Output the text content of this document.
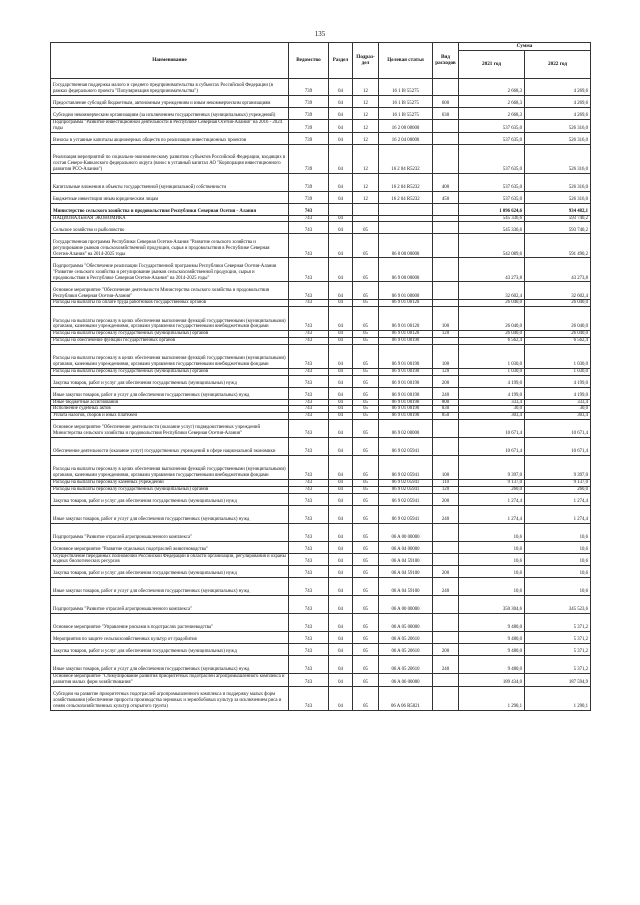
135
Наименование	Ведомство	Раздел	Подраз-дел	Целевая статья	Вид расходов	Сумма	
						2021 год	2022 год
Государственная поддержка малого и среднего предпринимательства в субъектах Российской Федерации (в рамках федерального проекта "Популяризация предпринимательства")	739	04	12	16 1 I8 55275		2 668,3	4 269,6
Предоставление субсидий бюджетным, автономным учреждениям и иным некоммерческим организациям	739	04	12	16 1 I8 55275	600	2 668,3	4 269,6
Субсидии некоммерческим организациям (за исключением государственных (муниципальных) учреждений)	739	04	12	16 1 I8 55275	630	2 668,3	4 269,6
Подпрограмма "Развитие инвестиционной деятельности в Республике Северная Осетия-Алания" на 2016 - 2024 годы	739	04	12	16 2 00 00000		537 635,0	526 316,0
Взносы в уставные капиталы акционерных обществ по реализации инвестиционных проектов	739	04	12	16 2 04 00000		537 635,0	526 316,0
Реализация мероприятий по социально-экономическому развитию субъектов Российской Федерации, входящих в состав Северо-Кавказского федерального округа (взнос в уставный капитал АО "Корпорация инвестиционного развития РСО-Алания")	739	04	12	16 2 04 R5232		537 635,0	526 316,0
Капитальные вложения в объекты государственной (муниципальной) собственности	739	04	12	16 2 04 R5232	400	537 635,0	526 316,0
Бюджетные инвестиции иным юридическим лицам	739	04	12	16 2 04 R5232	450	537 635,0	526 316,0
Министерство сельского хозяйства и продовольствия Республики Северная Осетия - Алания	743					1 096 624,6	934 482,1
НАЦИОНАЛЬНАЯ ЭКОНОМИКА	743	04				545 336,6	593 740,2
Сельское хозяйство и рыболовство	743	04	05			545 336,6	593 740,2
Государственная программа Республики Северная Осетия-Алания "Развитие сельского хозяйства и регулирование рынков сельскохозяйственной продукции, сырья и продовольствия в Республике Северная Осетия-Алания" на 2014-2025 годы	743	04	05	06 0 00 00000		542 089,6	591 490,2
Подпрограмма "Обеспечение реализации Государственной программы Республики Северная Осетия-Алания "Развитие сельского хозяйства и регулирование рынков сельскохозяйственной продукции, сырья и продовольствия в Республике Северная Осетия-Алания" на 2014-2025 годы"	743	04	05	06 9 00 00000		43 273,8	43 273,8
Основное мероприятие "Обеспечение деятельности Министерства сельского хозяйства и продовольствия Республики Северная Осетия-Алания"	743	04	05	06 9 01 00000		32 602,4	32 602,4
Расходы на выплаты по оплате труда работников государственных органов	743	04	05	06 9 01 00120		26 040,0	26 040,0
Расходы на выплаты персоналу в целях обеспечения выполнения функций государственными (муниципальными) органами, казенными учреждениями, органами управления государственными внебюджетными фондами	743	04	05	06 9 01 00120	100	26 040,0	26 040,0
Расходы на выплаты персоналу государственных (муниципальных) органов	743	04	05	06 9 01 00120	120	26 040,0	26 040,0
Расходы на обеспечение функций государственных органов	743	04	05	06 9 01 00190		6 562,4	6 562,4
Расходы на выплаты персоналу в целях обеспечения выполнения функций государственными (муниципальными) органами, казенными учреждениями, органами управления государственными внебюджетными фондами	743	04	05	06 9 01 00190	100	1 030,0	1 030,0
Расходы на выплаты персоналу государственных (муниципальных) органов	743	04	05	06 9 01 00190	120	1 030,0	1 030,0
Закупка товаров, работ и услуг для обеспечения государственных (муниципальных) нужд	743	04	05	06 9 01 00190	200	4 199,0	4 199,0
Иные закупки товаров, работ и услуг для обеспечения государственных (муниципальных) нужд	743	04	05	06 9 01 00190	240	4 199,0	4 199,0
Иные бюджетные ассигнования	743	04	05	06 9 01 00190	800	333,4	333,4
Исполнение судебных актов	743	04	05	06 9 01 00190	830	30,0	30,0
Уплата налогов, сборов и иных платежей	743	04	05	06 9 01 00190	850	303,4	303,4
Основное мероприятие "Обеспечение деятельности (оказание услуг) подведомственных учреждений Министерства сельского хозяйства и продовольствия Республики Северная Осетия-Алания"	743	04	05	06 9 02 00000		10 671,4	10 671,4
Обеспечение деятельности (оказание услуг) государственных учреждений в сфере национальной экономики	743	04	05	06 9 02 05941		10 671,4	10 671,4
Расходы на выплаты персоналу в целях обеспечения выполнения функций государственными (муниципальными) органами, казенными учреждениями, органами управления государственными внебюджетными фондами	743	04	05	06 9 02 05941	100	9 397,0	9 397,0
Расходы на выплаты персоналу казенных учреждений	743	04	05	06 9 02 05941	110	9 137,0	9 137,0
Расходы на выплаты персоналу государственных (муниципальных) органов	743	04	05	06 9 02 05941	120	260,0	260,0
Закупка товаров, работ и услуг для обеспечения государственных (муниципальных) нужд	743	04	05	06 9 02 05941	200	1 274,4	1 274,4
Иные закупки товаров, работ и услуг для обеспечения государственных (муниципальных) нужд	743	04	05	06 9 02 05941	240	1 274,4	1 274,4
Подпрограмма "Развитие отраслей агропромышленного комплекса"	743	04	05	06 A 00 00000		10,6	10,6
Основное мероприятие "Развитие отдельных подотраслей животноводства"	743	04	05	06 A 04 00000		10,6	10,6
Осуществление переданных полномочий Российской Федерации в области организации, регулирования и охраны водных биологических ресурсов	743	04	05	06 A 04 59100		10,6	10,6
Закупка товаров, работ и услуг для обеспечения государственных (муниципальных) нужд	743	04	05	06 A 04 59100	200	10,6	10,6
Иные закупки товаров, работ и услуг для обеспечения государственных (муниципальных) нужд	743	04	05	06 A 04 59100	240	10,6	10,6
Подпрограмма "Развитие отраслей агропромышленного комплекса"	743	04	05	06 A 00 00000		350 304,6	345 523,6
Основное мероприятие "Управление рисками в подотраслях растениеводства"	743	04	05	06 A 05 00000		9 480,0	5 371,2
Мероприятия по защите сельскохозяйственных культур от градобития	743	04	05	06 A 05 20610		9 480,0	5 371,2
Закупка товаров, работ и услуг для обеспечения государственных (муниципальных) нужд	743	04	05	06 A 05 20610	200	9 480,0	5 371,2
Иные закупки товаров, работ и услуг для обеспечения государственных (муниципальных) нужд	743	04	05	06 A 05 20610	240	9 480,0	5 371,2
Основное мероприятие "Стимулирование развития приоритетных подотраслей агропромышленного комплекса и развития малых форм хозяйствования"	743	04	05	06 A 06 00000		189 434,0	187 594,9
Субсидии на развитие приоритетных подотраслей агропромышленного комплекса и поддержку малых форм хозяйствования (обеспечение прироста производства зерновых и зернобобовых культур за исключением риса и семян сельскохозяйственных культур открытого грунта)	743	04	05	06 A 06 R5021		1 290,1	1 290,1
